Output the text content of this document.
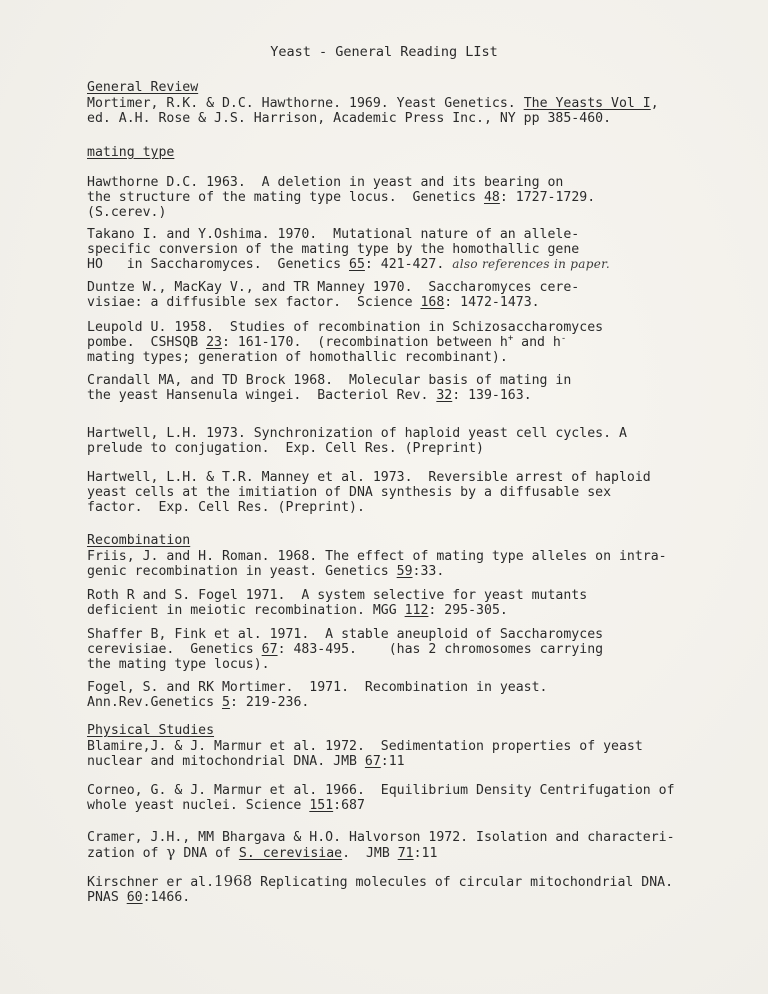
Yeast - General Reading LIst
General Review
Mortimer, R.K. & D.C. Hawthorne. 1969. Yeast Genetics. The Yeasts Vol I,
ed. A.H. Rose & J.S. Harrison, Academic Press Inc., NY pp 385-460.
mating type
Hawthorne D.C. 1963.  A deletion in yeast and its bearing on
the structure of the mating type locus.  Genetics 48: 1727-1729.
(S.cerev.)
Takano I. and Y.Oshima. 1970.  Mutational nature of an allele-
specific conversion of the mating type by the homothallic gene
HO   in Saccharomyces.  Genetics 65: 421-427. also references in paper.
Duntze W., MacKay V., and TR Manney 1970.  Saccharomyces cere-
visiae: a diffusible sex factor.  Science 168: 1472-1473.
Leupold U. 1958.  Studies of recombination in Schizosaccharomyces
pombe.  CSHSQB 23: 161-170.  (recombination between h+ and h-
mating types; generation of homothallic recombinant).
Crandall MA, and TD Brock 1968.  Molecular basis of mating in
the yeast Hansenula wingei.  Bacteriol Rev. 32: 139-163.
Hartwell, L.H. 1973. Synchronization of haploid yeast cell cycles. A
prelude to conjugation.  Exp. Cell Res. (Preprint)
Hartwell, L.H. & T.R. Manney et al. 1973.  Reversible arrest of haploid
yeast cells at the imitiation of DNA synthesis by a diffusable sex
factor.  Exp. Cell Res. (Preprint).
Recombination
Friis, J. and H. Roman. 1968. The effect of mating type alleles on intra-
genic recombination in yeast. Genetics 59:33.
Roth R and S. Fogel 1971.  A system selective for yeast mutants
deficient in meiotic recombination. MGG 112: 295-305.
Shaffer B, Fink et al. 1971.  A stable aneuploid of Saccharomyces
cerevisiae.  Genetics 67: 483-495.    (has 2 chromosomes carrying
the mating type locus).
Fogel, S. and RK Mortimer.  1971.  Recombination in yeast.
Ann.Rev.Genetics 5: 219-236.
Physical Studies
Blamire,J. & J. Marmur et al. 1972.  Sedimentation properties of yeast
nuclear and mitochondrial DNA. JMB 67:11
Corneo, G. & J. Marmur et al. 1966.  Equilibrium Density Centrifugation of
whole yeast nuclei. Science 151:687
Cramer, J.H., MM Bhargava & H.O. Halvorson 1972. Isolation and characteri-
zation of γ DNA of S. cerevisiae.  JMB 71:11
Kirschner er al.1968 Replicating molecules of circular mitochondrial DNA.
PNAS 60:1466.
